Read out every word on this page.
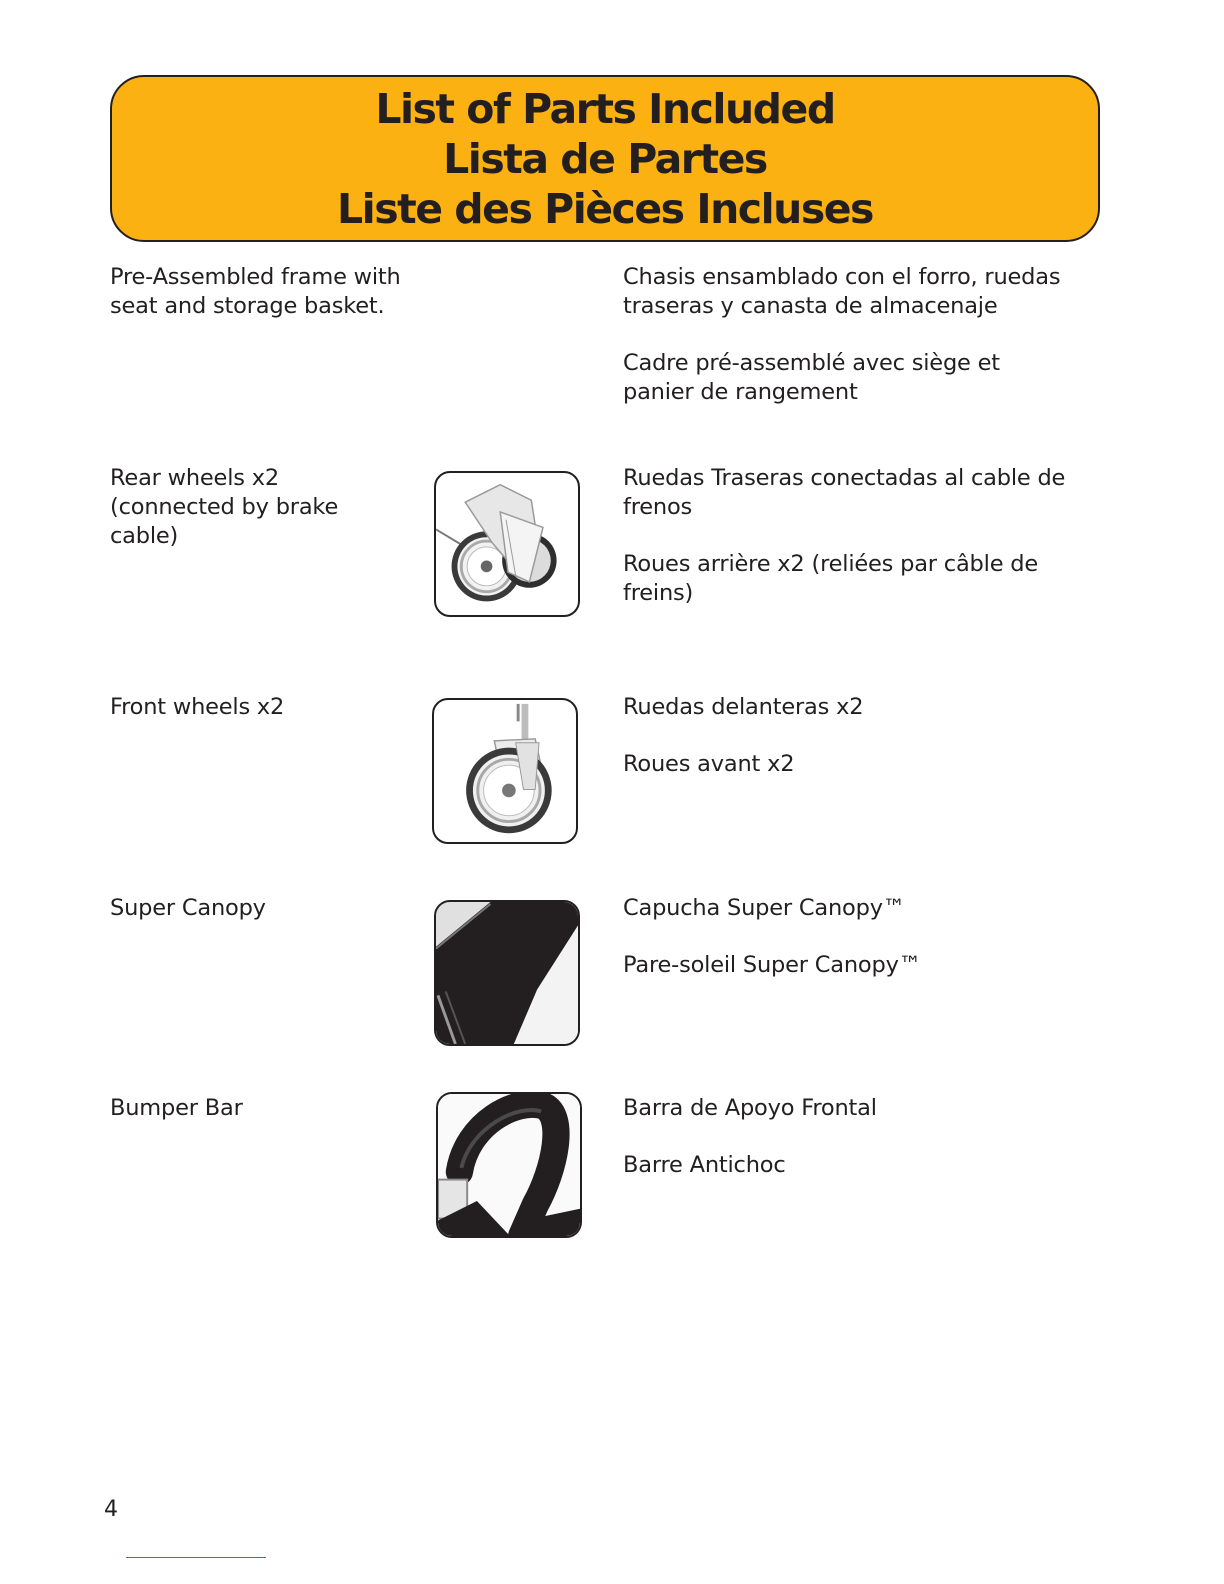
List of Parts Included
Lista de Partes
Liste des Pièces Incluses
Pre-Assembled frame with
seat and storage basket.
Chasis ensamblado con el forro, ruedas
traseras y canasta de almacenaje
Cadre pré-assemblé avec siège et
panier de rangement
Rear wheels x2
(connected by brake
cable)
Ruedas Traseras conectadas al cable de
frenos
Roues arrière x2 (reliées par câble de
freins)
Front wheels x2	Ruedas delanteras x2
Roues avant x2
Super Canopy	Capucha Super Canopy™
Pare-soleil Super Canopy™
Bumper Bar	Barra de Apoyo Frontal
Barre Antichoc
4
